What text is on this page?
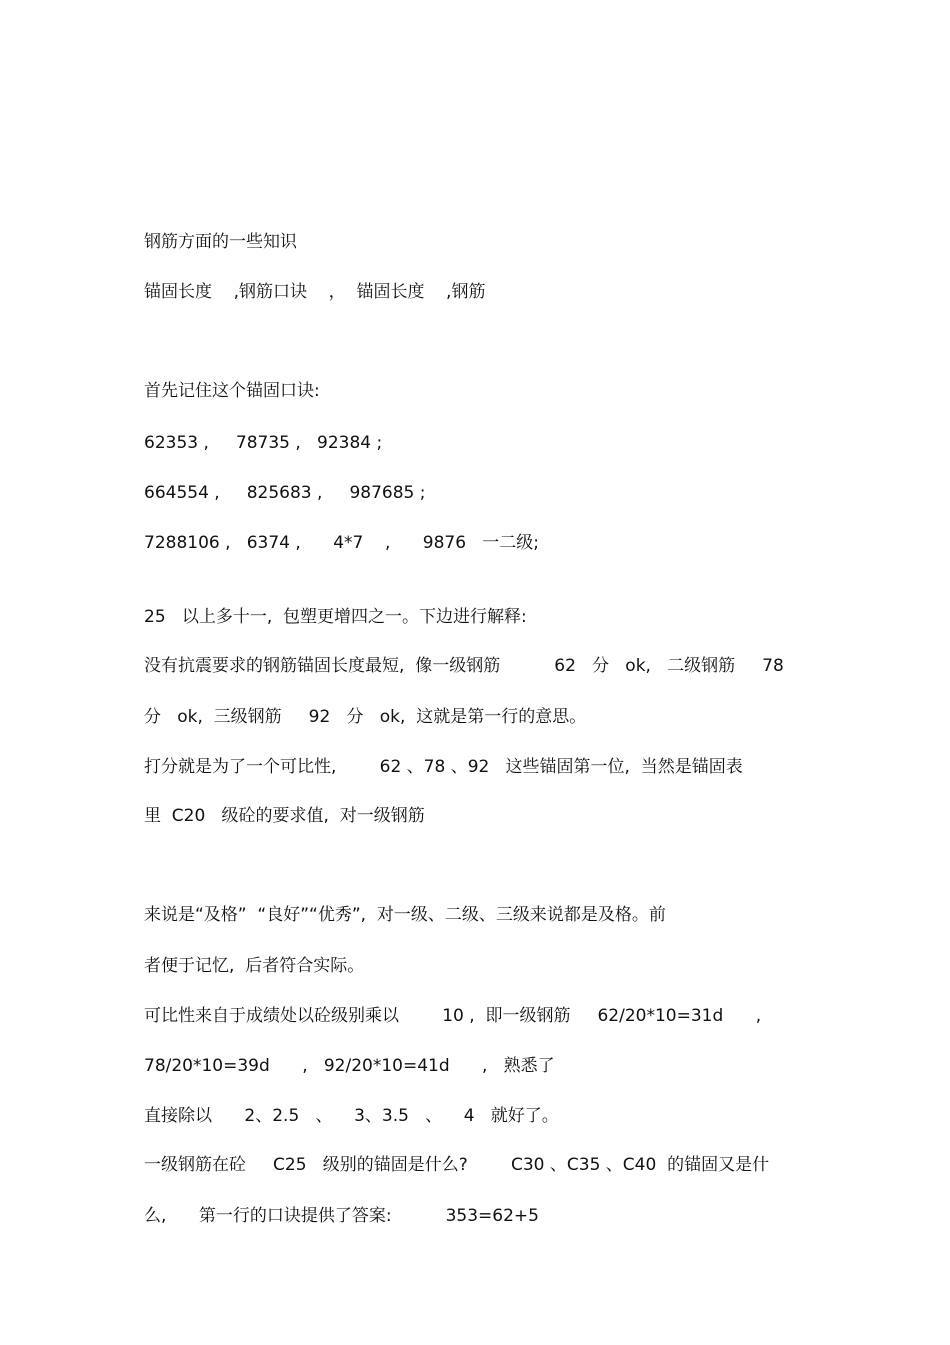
钢筋方面的一些知识
锚固长度    ,钢筋口诀    ，  锚固长度    ,钢筋
首先记住这个锚固口诀:
62353 ,     78735 ,   92384 ;
664554 ,     825683 ,     987685 ;
7288106 ,   6374 ,      4*7    ,      9876   一二级;
25   以上多十一,  包塑更增四之一。下边进行解释:
没有抗震要求的钢筋锚固长度最短,  像一级钢筋          62   分   ok,   二级钢筋     78
分   ok,  三级钢筋     92   分   ok,  这就是第一行的意思。
打分就是为了一个可比性,        62 、78 、92   这些锚固第一位,  当然是锚固表
里  C20   级砼的要求值,  对一级钢筋
来说是“及格”  “良好”“优秀”,  对一级、二级、三级来说都是及格。前
者便于记忆,  后者符合实际。
可比性来自于成绩处以砼级别乘以        10 ,  即一级钢筋     62/20*10=31d      ,
78/20*10=39d      ,   92/20*10=41d      ,   熟悉了
直接除以      2、2.5   、    3、3.5   、    4   就好了。
一级钢筋在砼     C25   级别的锚固是什么?        C30 、C35 、C40  的锚固又是什
么,      第一行的口诀提供了答案:          353=62+5
